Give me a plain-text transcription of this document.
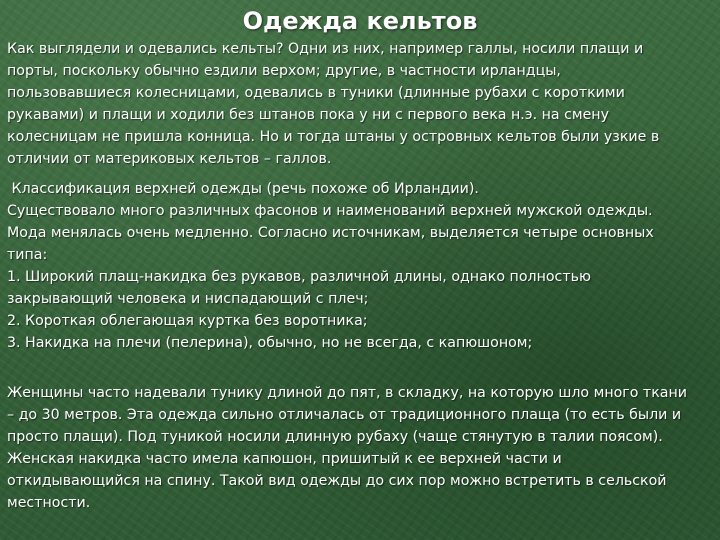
Одежда кельтов
Как выглядели и одевались кельты? Одни из них, например галлы, носили плащи и
порты, поскольку обычно ездили верхом; другие, в частности ирландцы,
пользовавшиеся колесницами, одевались в туники (длинные рубахи с короткими
рукавами) и плащи и ходили без штанов пока у ни с первого века н.э. на смену
колесницам не пришла конница. Но и тогда штаны у островных кельтов были узкие в
отличии от материковых кельтов – галлов.
Классификация верхней одежды (речь похоже об Ирландии).
Существовало много различных фасонов и наименований верхней мужской одежды.
Мода менялась очень медленно. Согласно источникам, выделяется четыре основных
типа:
1. Широкий плащ-накидка без рукавов, различной длины, однако полностью
закрывающий человека и ниспадающий с плеч;
2. Короткая облегающая куртка без воротника;
3. Накидка на плечи (пелерина), обычно, но не всегда, с капюшоном;
Женщины часто надевали тунику длиной до пят, в складку, на которую шло много ткани
– до 30 метров. Эта одежда сильно отличалась от традиционного плаща (то есть были и
просто плащи). Под туникой носили длинную рубаху (чаще стянутую в талии поясом).
Женская накидка часто имела капюшон, пришитый к ее верхней части и
откидывающийся на спину. Такой вид одежды до сих пор можно встретить в сельской
местности.
